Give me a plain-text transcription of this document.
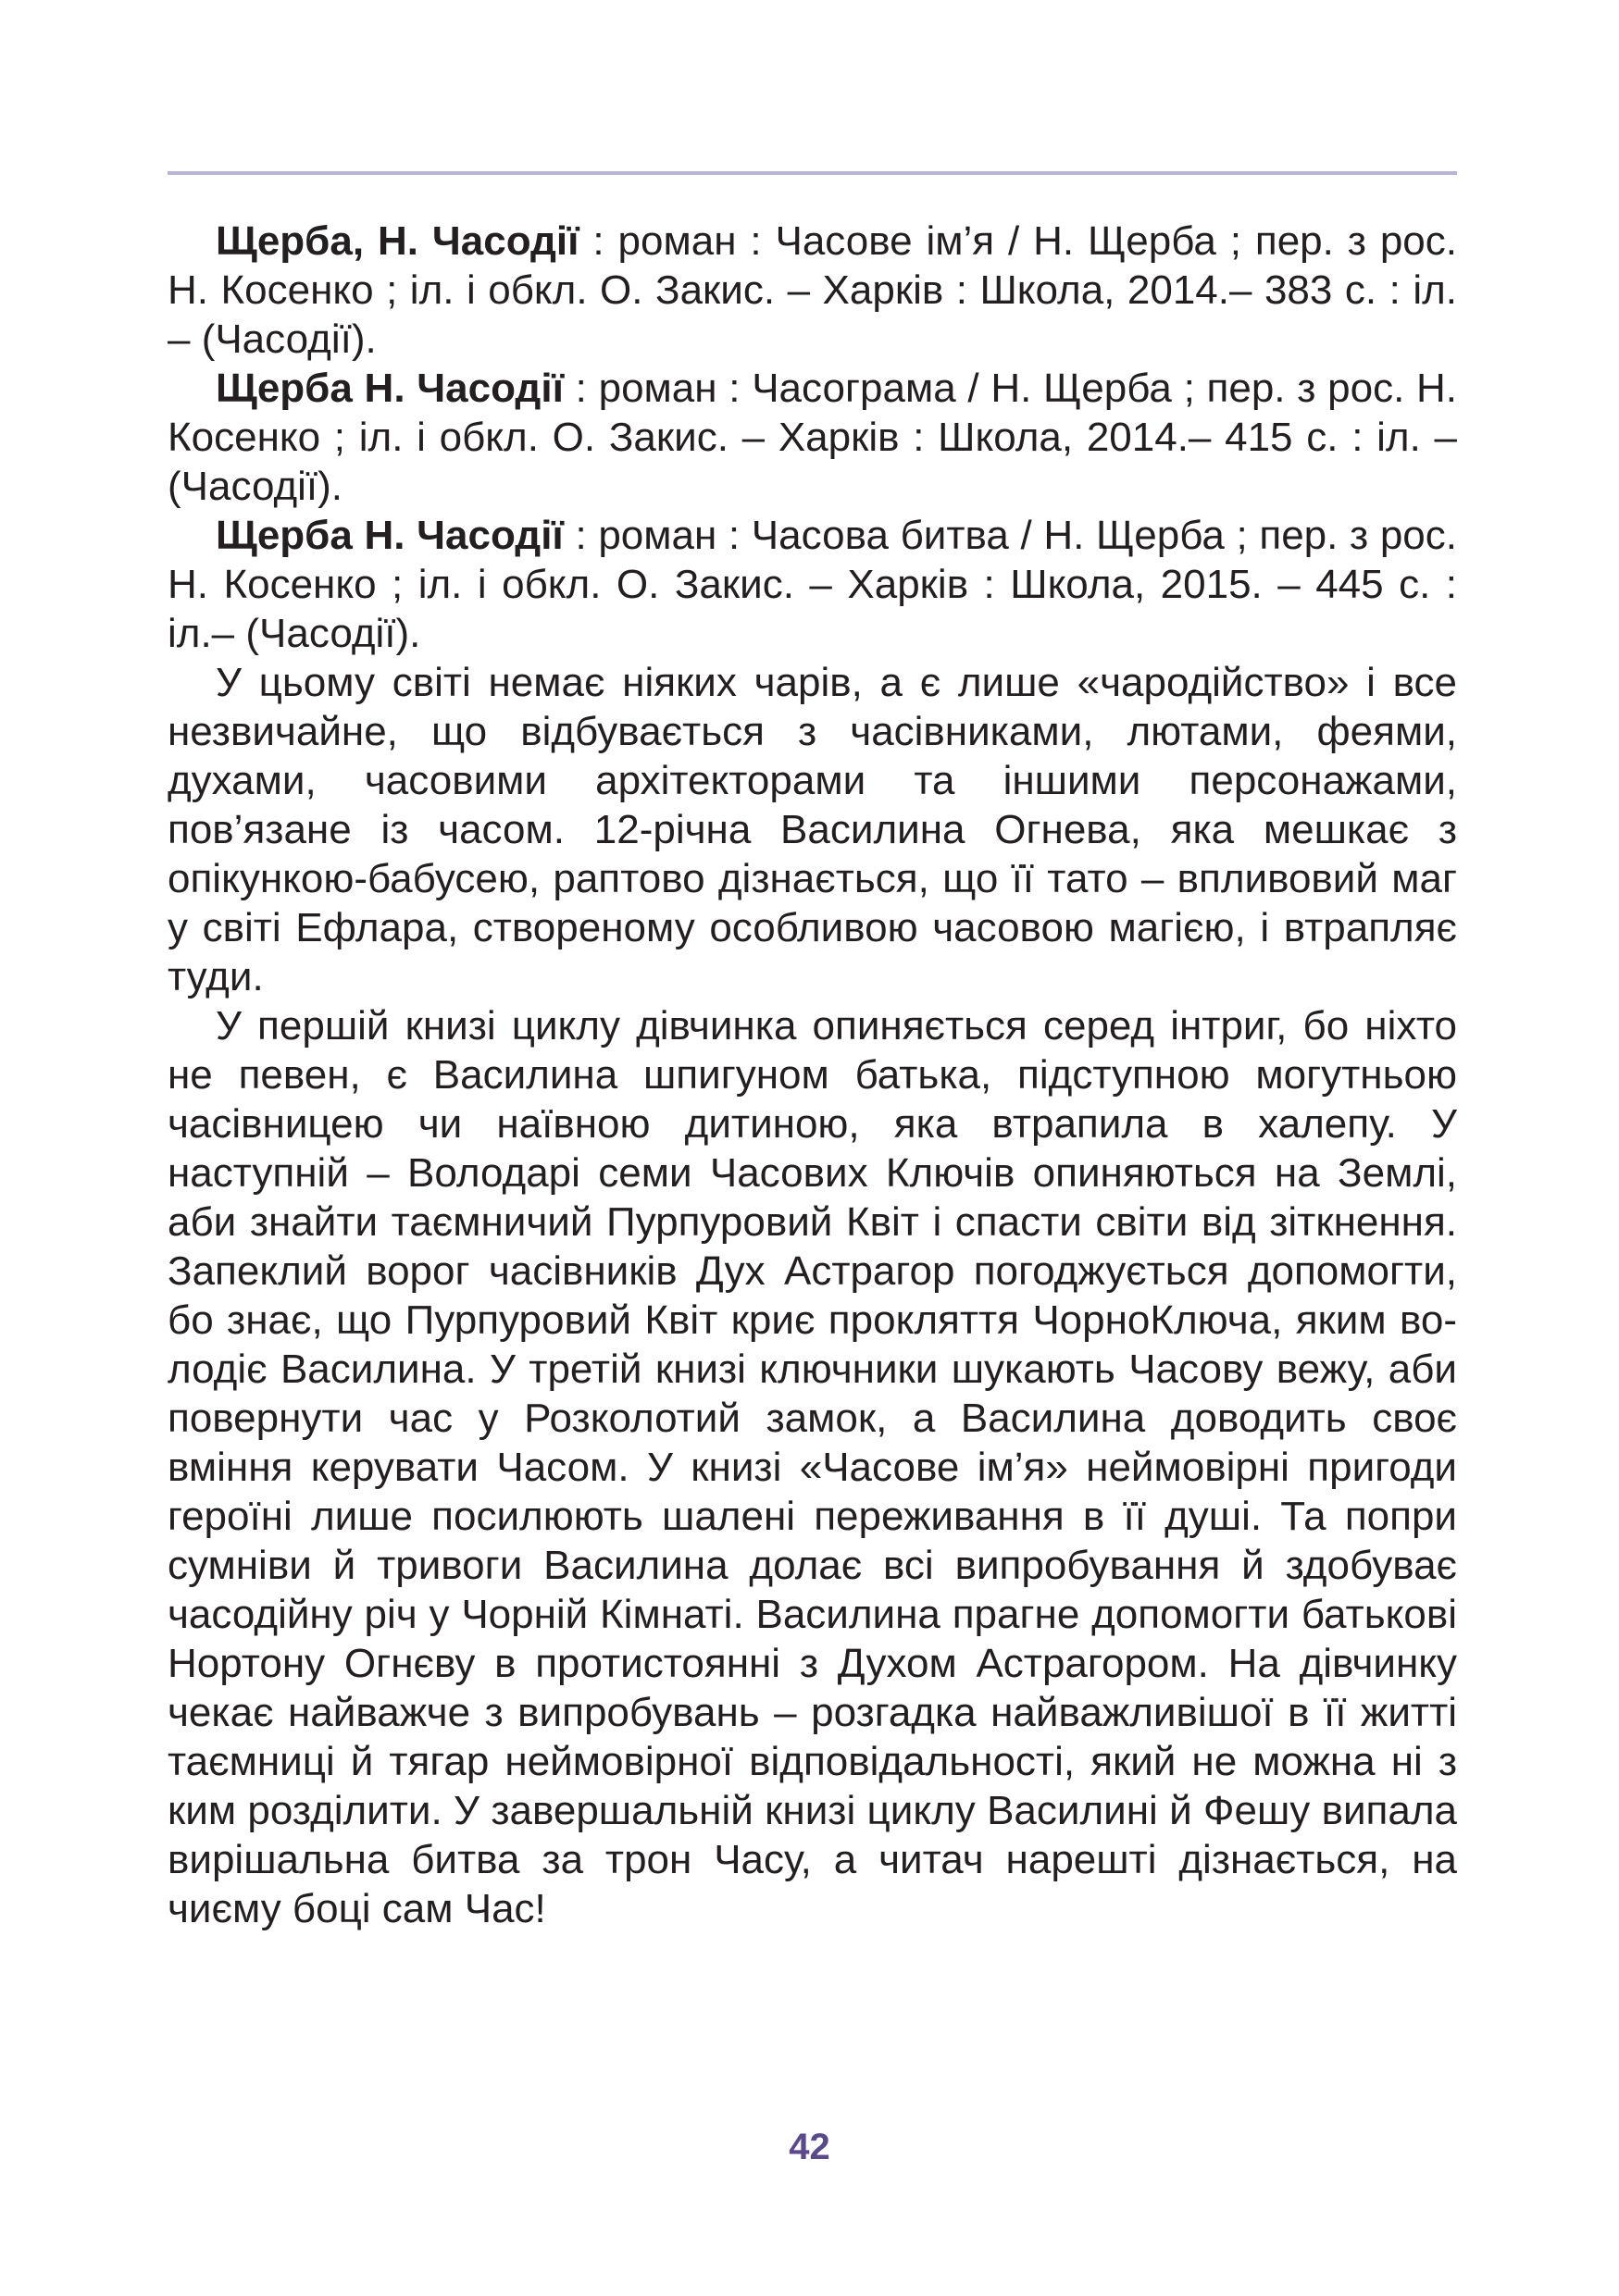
Щерба, Н. Часодії : роман : Часове ім’я / Н. Щерба ; пер. з рос. Н. Косенко ; іл. і обкл. О. Закис. – Харків : Школа, 2014.– 383 с. : іл. – (Часодії).

Щерба Н. Часодії : роман : Часограма / Н. Щерба ; пер. з рос. Н. Косенко ; іл. і обкл. О. Закис. – Харків : Школа, 2014.– 415 с. : іл. – (Часодії).

Щерба Н. Часодії : роман : Часова битва / Н. Щерба ; пер. з рос. Н. Косенко ; іл. і обкл. О. Закис. – Харків : Школа, 2015. – 445 с. : іл.– (Часодії).

У цьому світі немає ніяких чарів, а є лише «чародійство» і все незвичайне, що відбувається з часівниками, лютами, феями, духами, часовими архітекторами та іншими персонажами, пов’язане із часом. 12-річна Василина Огнева, яка мешкає з опікункою-бабусею, раптово дізнається, що її тато – впливовий маг у світі Ефлара, створеному особливою часовою магією, і втрапляє туди.

У першій книзі циклу дівчинка опиняється серед інтриг, бо ніхто не певен, є Василина шпигуном батька, підступною могутньою часівницею чи наївною дитиною, яка втрапила в халепу. У наступній – Володарі семи Часових Ключів опиняються на Землі, аби знайти таємничий Пурпуровий Квіт і спасти світи від зіткнення. Запеклий ворог часівників Дух Астрагор погоджується допомогти, бо знає, що Пурпуровий Квіт криє прокляття ЧорноКлюча, яким володіє Василина. У третій книзі ключники шукають Часову вежу, аби повернути час у Розколотий замок, а Василина доводить своє вміння керувати Часом. У книзі «Часове ім’я» неймовірні пригоди героїні лише посилюють шалені переживання в її душі. Та попри сумніви й тривоги Василина долає всі випробування й здобуває часодійну річ у Чорній Кімнаті. Василина прагне допомогти батькові Нортону Огнєву в протистоянні з Духом Астрагором. На дівчинку чекає найважче з випробувань – розгадка найважливішої в її житті таємниці й тягар неймовірної відповідальності, який не можна ні з ким розділити. У завершальній книзі циклу Василині й Фешу випала вирішальна битва за трон Часу, а читач нарешті дізнається, на чиєму боці сам Час!

42
